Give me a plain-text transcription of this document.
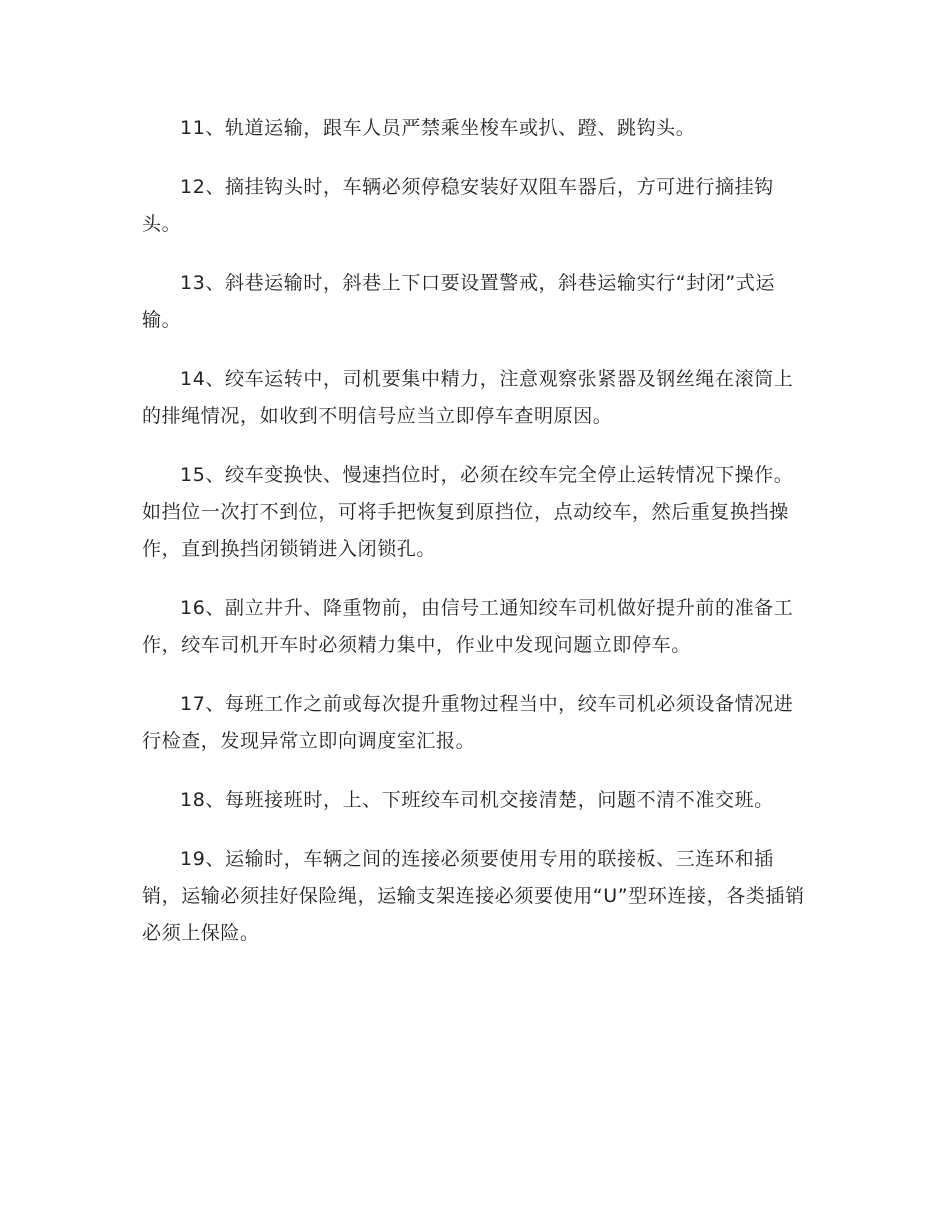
11、轨道运输，跟车人员严禁乘坐梭车或扒、蹬、跳钩头。

12、摘挂钩头时，车辆必须停稳安装好双阻车器后，方可进行摘挂钩头。

13、斜巷运输时，斜巷上下口要设置警戒，斜巷运输实行“封闭”式运输。

14、绞车运转中，司机要集中精力，注意观察张紧器及钢丝绳在滚筒上的排绳情况，如收到不明信号应当立即停车查明原因。

15、绞车变换快、慢速挡位时，必须在绞车完全停止运转情况下操作。如挡位一次打不到位，可将手把恢复到原挡位，点动绞车，然后重复换挡操作，直到换挡闭锁销进入闭锁孔。

16、副立井升、降重物前，由信号工通知绞车司机做好提升前的准备工作，绞车司机开车时必须精力集中，作业中发现问题立即停车。

17、每班工作之前或每次提升重物过程当中，绞车司机必须设备情况进行检查，发现异常立即向调度室汇报。

18、每班接班时，上、下班绞车司机交接清楚，问题不清不准交班。

19、运输时，车辆之间的连接必须要使用专用的联接板、三连环和插销，运输必须挂好保险绳，运输支架连接必须要使用“U”型环连接，各类插销必须上保险。
